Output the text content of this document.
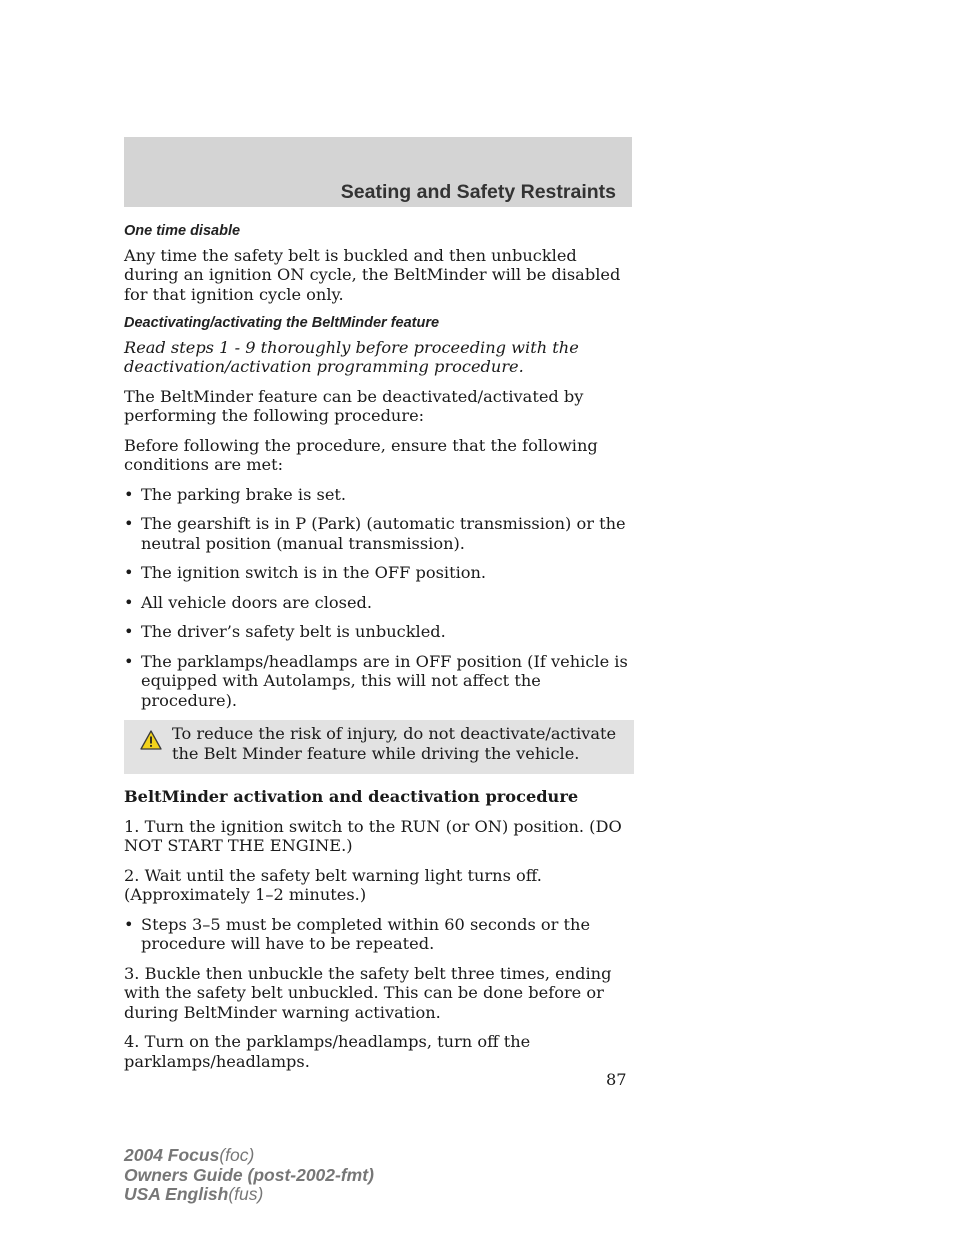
Seating and Safety Restraints

One time disable

Any time the safety belt is buckled and then unbuckled during an ignition ON cycle, the BeltMinder will be disabled for that ignition cycle only.

Deactivating/activating the BeltMinder feature

Read steps 1 - 9 thoroughly before proceeding with the deactivation/activation programming procedure.

The BeltMinder feature can be deactivated/activated by performing the following procedure:

Before following the procedure, ensure that the following conditions are met:

• The parking brake is set.

• The gearshift is in P (Park) (automatic transmission) or the neutral position (manual transmission).

• The ignition switch is in the OFF position.

• All vehicle doors are closed.

• The driver’s safety belt is unbuckled.

• The parklamps/headlamps are in OFF position (If vehicle is equipped with Autolamps, this will not affect the procedure).

To reduce the risk of injury, do not deactivate/activate the Belt Minder feature while driving the vehicle.

BeltMinder activation and deactivation procedure

1. Turn the ignition switch to the RUN (or ON) position. (DO NOT START THE ENGINE.)

2. Wait until the safety belt warning light turns off. (Approximately 1–2 minutes.)

• Steps 3–5 must be completed within 60 seconds or the procedure will have to be repeated.

3. Buckle then unbuckle the safety belt three times, ending with the safety belt unbuckled. This can be done before or during BeltMinder warning activation.

4. Turn on the parklamps/headlamps, turn off the parklamps/headlamps.

87
2004 Focus(foc)
Owners Guide (post-2002-fmt)
USA English(fus)
